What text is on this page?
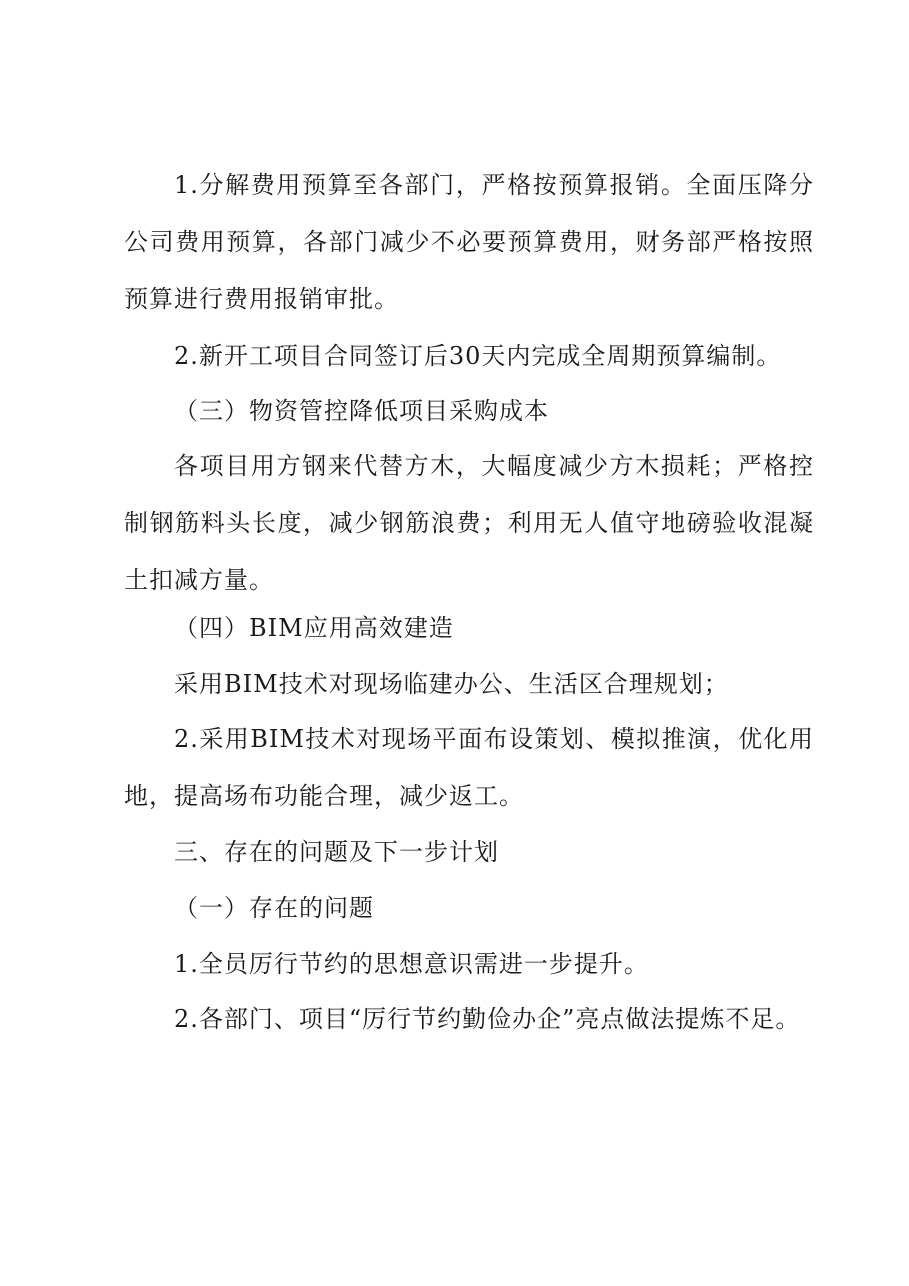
1.分解费用预算至各部门，严格按预算报销。全面压降分公司费用预算，各部门减少不必要预算费用，财务部严格按照预算进行费用报销审批。

2.新开工项目合同签订后30天内完成全周期预算编制。

（三）物资管控降低项目采购成本

各项目用方钢来代替方木，大幅度减少方木损耗；严格控制钢筋料头长度，减少钢筋浪费；利用无人值守地磅验收混凝土扣减方量。

（四）BIM应用高效建造

采用BIM技术对现场临建办公、生活区合理规划；

2.采用BIM技术对现场平面布设策划、模拟推演，优化用地，提高场布功能合理，减少返工。

三、存在的问题及下一步计划

（一）存在的问题

1.全员厉行节约的思想意识需进一步提升。

2.各部门、项目“厉行节约勤俭办企”亮点做法提炼不足。
